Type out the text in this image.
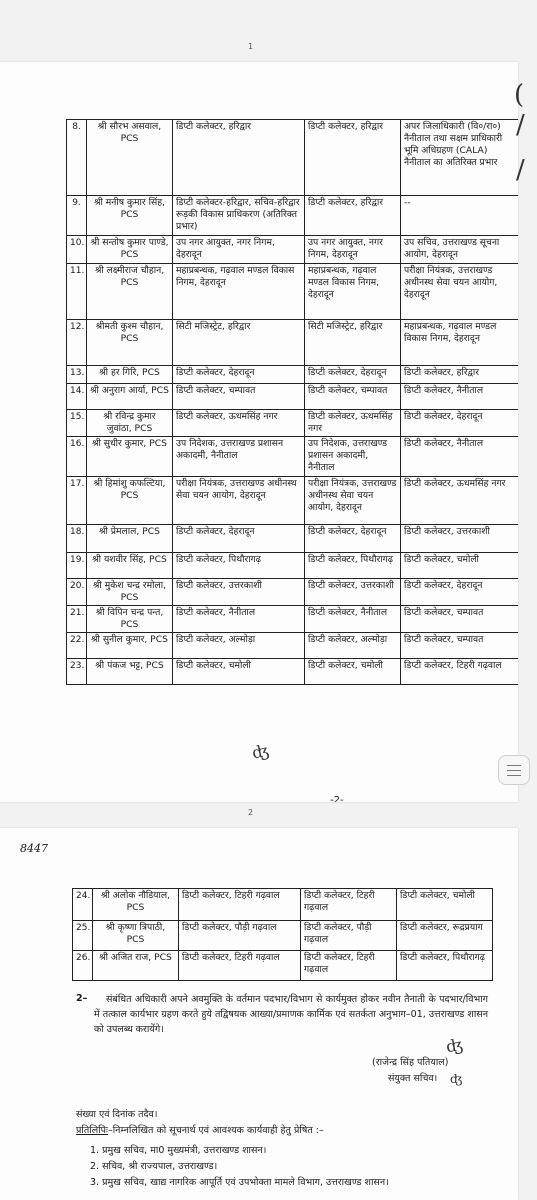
1
8.	श्री सौरभ असवाल, PCS	डिप्टी कलेक्टर, हरिद्वार	डिप्टी कलेक्टर, हरिद्वार	अपर जिलाधिकारी (वि०/रा०) नैनीताल तथा सक्षम प्राधिकारी भूमि अधिग्रहण (CALA) नैनीताल का अतिरिक्त प्रभार
9.	श्री मनीष कुमार सिंह, PCS	डिप्टी कलेक्टर-हरिद्वार, सचिव-हरिद्वार रूड़की विकास प्राधिकरण (अतिरिक्त प्रभार)	डिप्टी कलेक्टर, हरिद्वार	--
10.	श्री सन्तोष कुमार पाण्डे, PCS	उप नगर आयुक्त, नगर निगम, देहरादून	उप नगर आयुक्त, नगर निगम, देहरादून	उप सचिव, उत्तराखण्ड सूचना आयोग, देहरादून
11.	श्री लक्ष्मीराज चौहान, PCS	महाप्रबन्धक, गढ़वाल मण्डल विकास निगम, देहरादून	महाप्रबन्धक, गढ़वाल मण्डल विकास निगम, देहरादून	परीक्षा नियंत्रक, उत्तराखण्ड अधीनस्थ सेवा चयन आयोग, देहरादून
12.	श्रीमती कुश्म चौहान, PCS	सिटी मजिस्ट्रेट, हरिद्वार	सिटी मजिस्ट्रेट, हरिद्वार	महाप्रबन्धक, गढ़वाल मण्डल विकास निगम, देहरादून
13.	श्री हर गिरि, PCS	डिप्टी कलेक्टर, देहरादून	डिप्टी कलेक्टर, देहरादून	डिप्टी कलेक्टर, हरिद्वार
14.	श्री अनुराग आर्या, PCS	डिप्टी कलेक्टर, चम्पावत	डिप्टी कलेक्टर, चम्पावत	डिप्टी कलेक्टर, नैनीताल
15.	श्री रविन्द्र कुमार जुवांठा, PCS	डिप्टी कलेक्टर, ऊधमसिंह नगर	डिप्टी कलेक्टर, ऊधमसिंह नगर	डिप्टी कलेक्टर, देहरादून
16.	श्री सुधीर कुमार, PCS	उप निदेशक, उत्तराखण्ड प्रशासन अकादमी, नैनीताल	उप निदेशक, उत्तराखण्ड प्रशासन अकादमी, नैनीताल	डिप्टी कलेक्टर, नैनीताल
17.	श्री हिमांशु कफल्टिया, PCS	परीक्षा नियंत्रक, उत्तराखण्ड अधीनस्थ सेवा चयन आयोग, देहरादून	परीक्षा नियंत्रक, उत्तराखण्ड अधीनस्थ सेवा चयन आयोग, देहरादून	डिप्टी कलेक्टर, ऊधमसिंह नगर
18.	श्री प्रेमलाल, PCS	डिप्टी कलेक्टर, देहरादून	डिप्टी कलेक्टर, देहरादून	डिप्टी कलेक्टर, उत्तरकाशी
19.	श्री यशवीर सिंह, PCS	डिप्टी कलेक्टर, पिथौरागढ़	डिप्टी कलेक्टर, पिथौरागढ़	डिप्टी कलेक्टर, चमोली
20.	श्री मुकेश चन्द्र रमोला, PCS	डिप्टी कलेक्टर, उत्तरकाशी	डिप्टी कलेक्टर, उत्तरकाशी	डिप्टी कलेक्टर, देहरादून
21.	श्री विपिन चन्द्र पन्त, PCS	डिप्टी कलेक्टर, नैनीताल	डिप्टी कलेक्टर, नैनीताल	डिप्टी कलेक्टर, चम्पावत
22.	श्री सुनील कुमार, PCS	डिप्टी कलेक्टर, अल्मोड़ा	डिप्टी कलेक्टर, अल्मोड़ा	डिप्टी कलेक्टर, चम्पावत
23.	श्री पंकज भट्ट, PCS	डिप्टी कलेक्टर, चमोली	डिप्टी कलेक्टर, चमोली	डिप्टी कलेक्टर, टिहरी गढ़वाल
ʤ
-2-
(
/
/
2
8447
24.	श्री अलोक नौडियाल, PCS	डिप्टी कलेक्टर, टिहरी गढ़वाल	डिप्टी कलेक्टर, टिहरी गढ़वाल	डिप्टी कलेक्टर, चमोली
25.	श्री कृष्णा त्रिपाठी, PCS	डिप्टी कलेक्टर, पौड़ी गढ़वाल	डिप्टी कलेक्टर, पौड़ी गढ़वाल	डिप्टी कलेक्टर, रूद्रप्रयाग
26.	श्री अजित राज, PCS	डिप्टी कलेक्टर, टिहरी गढ़वाल	डिप्टी कलेक्टर, टिहरी गढ़वाल	डिप्टी कलेक्टर, पिथौरागढ़
2–	संबंधित अधिकारी अपने अवमुक्ति के वर्तमान पदभार/विभाग से कार्यमुक्त होकर नवीन तैनाती के पदभार/विभाग में तत्काल कार्यभार ग्रहण करते हुये तद्विषयक आख्या/प्रमाणक कार्मिक एवं सतर्कता अनुभाग–01, उत्तराखण्ड शासन को उपलब्ध करायेंगे।
ʤ
(राजेन्द्र सिंह पतियाल)
संयुक्त सचिव। ʤ
संख्या एवं दिनांक तदैव।
प्रतिलिपिः–निम्नलिखित को सूचनार्थ एवं आवश्यक कार्यवाही हेतु प्रेषित :–
1. प्रमुख सचिव, मा0 मुख्यमंत्री, उत्तराखण्ड शासन।
2. सचिव, श्री राज्यपाल, उत्तराखण्ड।
3. प्रमुख सचिव, खाद्य नागरिक आपूर्ति एवं उपभोक्ता मामले विभाग, उत्तराखण्ड शासन।
